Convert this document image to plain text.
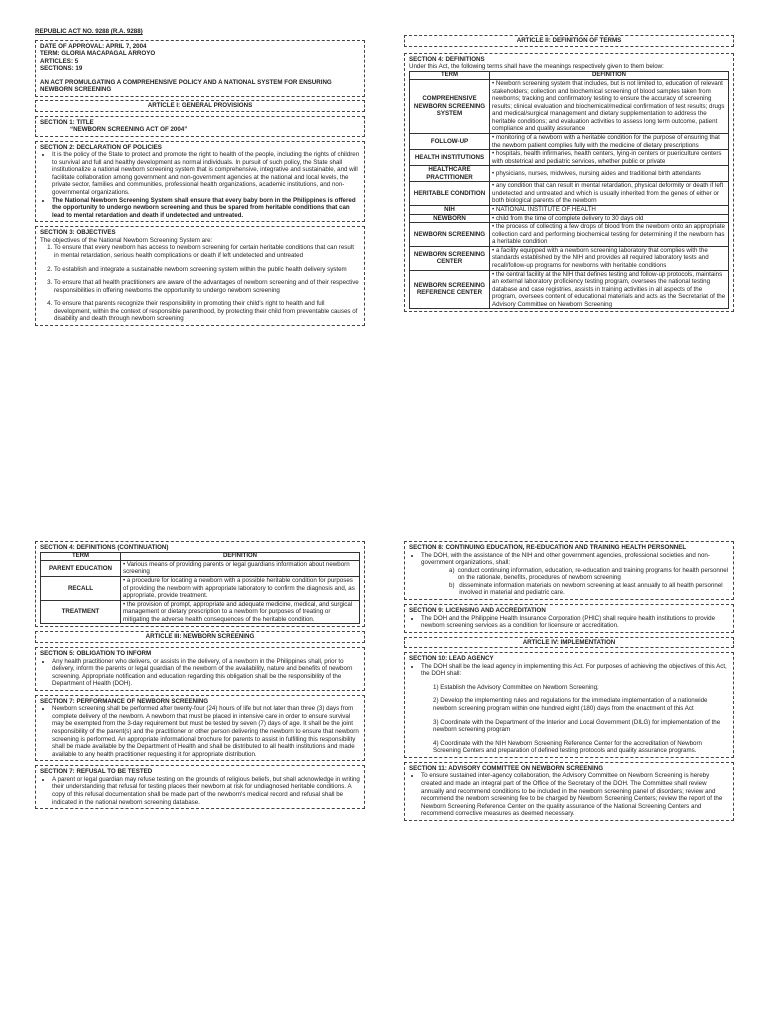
REPUBLIC ACT NO. 9288 (R.A. 9288)
DATE OF APPROVAL: APRIL 7, 2004
TERM: GLORIA MACAPAGAL ARROYO
ARTICLES: 5
SECTIONS: 19
AN ACT PROMULGATING A COMPREHENSIVE POLICY AND A NATIONAL SYSTEM FOR ENSURING NEWBORN SCREENING
ARTICLE I: GENERAL PROVISIONS
SECTION 1: TITLE
“NEWBORN SCREENING ACT OF 2004”
SECTION 2: DECLARATION OF POLICIES
• It is the policy of the State to protect and promote the right to health of the people, including the rights of children to survival and full and healthy development as normal individuals. In pursuit of such policy, the State shall institutionalize a national newborn screening system that is comprehensive, integrative and sustainable, and will facilitate collaboration among government and non-government agencies at the national and local levels, the private sector, families and communities, professional health organizations, academic institutions, and non-governmental organizations.
• The National Newborn Screening System shall ensure that every baby born in the Philippines is offered the opportunity to undergo newborn screening and thus be spared from heritable conditions that can lead to mental retardation and death if undetected and untreated.
SECTION 3: OBJECTIVES
The objectives of the National Newborn Screening System are:
1. To ensure that every newborn has access to newborn screening for certain heritable conditions that can result in mental retardation, serious health complications or death if left undetected and untreated
2. To establish and integrate a sustainable newborn screening system within the public health delivery system
3. To ensure that all health practitioners are aware of the advantages of newborn screening and of their respective responsibilities in offering newborns the opportunity to undergo newborn screening
4. To ensure that parents recognize their responsibility in promoting their child's right to health and full development, within the context of responsible parenthood, by protecting their child from preventable causes of disability and death through newborn screening
ARTICLE II: DEFINITION OF TERMS
SECTION 4: DEFINITIONS
Under this Act, the following terms shall have the meanings respectively given to them below:
TERM	DEFINITION
COMPREHENSIVE NEWBORN SCREENING SYSTEM	• Newborn screening system that includes, but is not limited to, education of relevant stakeholders; collection and biochemical screening of blood samples taken from newborns; tracking and confirmatory testing to ensure the accuracy of screening results; clinical evaluation and biochemical/medical confirmation of test results; drugs and medical/surgical management and dietary supplementation to address the heritable conditions; and evaluation activities to assess long term outcome, patient compliance and quality assurance
FOLLOW-UP	• monitoring of a newborn with a heritable condition for the purpose of ensuring that the newborn patient complies fully with the medicine of dietary prescriptions
HEALTH INSTITUTIONS	• hospitals, health infirmaries, health centers, lying-in centers or puericulture centers with obstetrical and pediatric services, whether public or private
HEALTHCARE PRACTITIONER	• physicians, nurses, midwives, nursing aides and traditional birth attendants
HERITABLE CONDITION	• any condition that can result in mental retardation, physical deformity or death if left undetected and untreated and which is usually inherited from the genes of either or both biological parents of the newborn
NIH	• NATIONAL INSTITUTE OF HEALTH
NEWBORN	• child from the time of complete delivery to 30 days old
NEWBORN SCREENING	• the process of collecting a few drops of blood from the newborn onto an appropriate collection card and performing biochemical testing for determining if the newborn has a heritable condition
NEWBORN SCREENING CENTER	• a facility equipped with a newborn screening laboratory that complies with the standards established by the NIH and provides all required laboratory tests and recall/follow-up programs for newborns with heritable conditions
NEWBORN SCREENING REFERENCE CENTER	• the central facility at the NIH that defines testing and follow-up protocols, maintains an external laboratory proficiency testing program, oversees the national testing database and case registries, assists in training activities in all aspects of the program, oversees content of educational materials and acts as the Secretariat of the Advisory Committee on Newborn Screening
SECTION 4: DEFINITIONS (CONTINUATION)
TERM	DEFINITION
PARENT EDUCATION	• Various means of providing parents or legal guardians information about newborn screening
RECALL	• a procedure for locating a newborn with a possible heritable condition for purposes of providing the newborn with appropriate laboratory to confirm the diagnosis and, as appropriate, provide treatment.
TREATMENT	• the provision of prompt, appropriate and adequate medicine, medical, and surgical management or dietary prescription to a newborn for purposes of treating or mitigating the adverse health consequences of the heritable condition.
ARTICLE III: NEWBORN SCREENING
SECTION 5: OBLIGATION TO INFORM
• Any health practitioner who delivers, or assists in the delivery, of a newborn in the Philippines shall, prior to delivery, inform the parents or legal guardian of the newborn of the availability, nature and benefits of newborn screening. Appropriate notification and education regarding this obligation shall be the responsibility of the Department of Health (DOH).
SECTION 7: PERFORMANCE OF NEWBORN SCREENING
• Newborn screening shall be performed after twenty-four (24) hours of life but not later than three (3) days from complete delivery of the newborn. A newborn that must be placed in intensive care in order to ensure survival may be exempted from the 3-day requirement but must be tested by seven (7) days of age. It shall be the joint responsibility of the parent(s) and the practitioner or other person delivering the newborn to ensure that newborn screening is performed. An appropriate informational brochure for parents to assist in fulfilling this responsibility shall be made available by the Department of Health and shall be distributed to all health institutions and made available to any health practitioner requesting it for appropriate distribution.
SECTION 7: REFUSAL TO BE TESTED
• A parent or legal guardian may refuse testing on the grounds of religious beliefs, but shall acknowledge in writing their understanding that refusal for testing places their newborn at risk for undiagnosed heritable conditions. A copy of this refusal documentation shall be made part of the newborn's medical record and refusal shall be indicated in the national newborn screening database.
SECTION 8: CONTINUING EDUCATION, RE-EDUCATION AND TRAINING HEALTH PERSONNEL
• The DOH, with the assistance of the NIH and other government agencies, professional societies and non-government organizations, shall:
a) conduct continuing information, education, re-education and training programs for health personnel on the rationale, benefits, procedures of newborn screening
b) disseminate information materials on newborn screening at least annually to all health personnel involved in material and pediatric care.
SECTION 9: LICENSING AND ACCREDITATION
• The DOH and the Philippine Health Insurance Corporation (PHIC) shall require health institutions to provide newborn screening services as a condition for licensure or accreditation.
ARTICLE IV: IMPLEMENTATION
SECTION 10: LEAD AGENCY
• The DOH shall be the lead agency in implementing this Act. For purposes of achieving the objectives of this Act, the DOH shall:
1) Establish the Advisory Committee on Newborn Screening;
2) Develop the implementing rules and regulations for the immediate implementation of a nationwide newborn screening program within one hundred eight (180) days from the enactment of this Act
3) Coordinate with the Department of the Interior and Local Government (DILG) for implementation of the newborn screening program
4) Coordinate with the NIH Newborn Screening Reference Center for the accreditation of Newborn Screening Centers and preparation of defined testing protocols and quality assurance programs.
SECTION 11: ADVISORY COMMITTEE ON NEWBORN SCREENING
• To ensure sustained inter-agency collaboration, the Advisory Committee on Newborn Screening is hereby created and made an integral part of the Office of the Secretary of the DOH. The Committee shall review annually and recommend conditions to be included in the newborn screening panel of disorders; review and recommend the newborn screening fee to be charged by Newborn Screening Centers; review the report of the Newborn Screening Reference Center on the quality assurance of the National Screening Centers and recommend corrective measures as deemed necessary.
